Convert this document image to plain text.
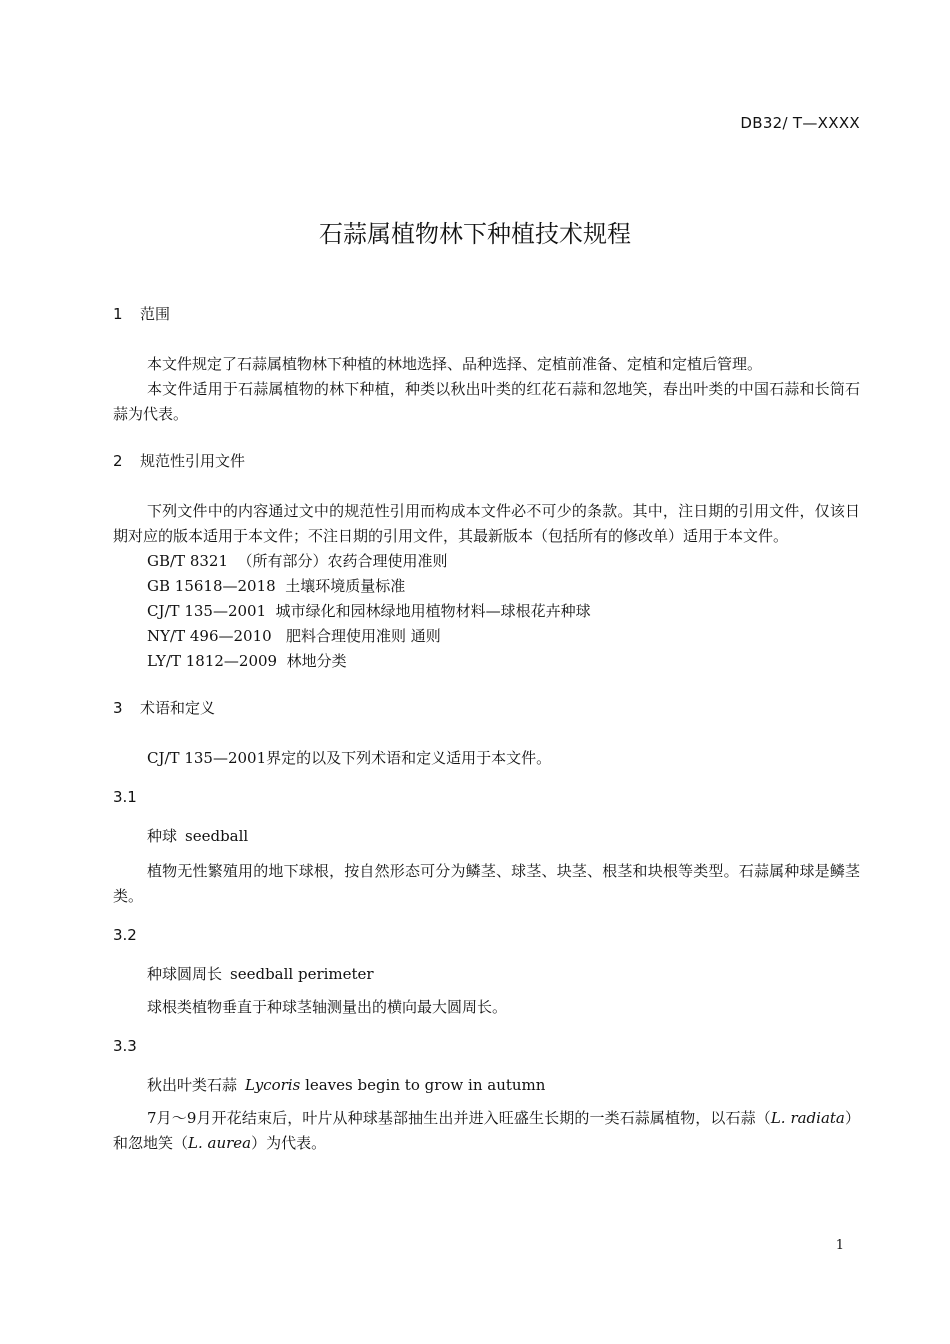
DB32/ T—XXXX
石蒜属植物林下种植技术规程

1 范围

本文件规定了石蒜属植物林下种植的林地选择、品种选择、定植前准备、定植和定植后管理。

本文件适用于石蒜属植物的林下种植，种类以秋出叶类的红花石蒜和忽地笑，春出叶类的中国石蒜和长筒石蒜为代表。

2 规范性引用文件

下列文件中的内容通过文中的规范性引用而构成本文件必不可少的条款。其中，注日期的引用文件，仅该日期对应的版本适用于本文件；不注日期的引用文件，其最新版本（包括所有的修改单）适用于本文件。

GB/T 8321  （所有部分）农药合理使用准则

GB 15618—2018  土壤环境质量标准

CJ/T 135—2001  城市绿化和园林绿地用植物材料—球根花卉种球

NY/T 496—2010   肥料合理使用准则 通则

LY/T 1812—2009  林地分类

3 术语和定义

CJ/T 135—2001界定的以及下列术语和定义适用于本文件。

3.1

种球 seedball

植物无性繁殖用的地下球根，按自然形态可分为鳞茎、球茎、块茎、根茎和块根等类型。石蒜属种球是鳞茎类。

3.2

种球圆周长 seedball perimeter

球根类植物垂直于种球茎轴测量出的横向最大圆周长。

3.3

秋出叶类石蒜 Lycoris leaves begin to grow in autumn

7月～9月开花结束后，叶片从种球基部抽生出并进入旺盛生长期的一类石蒜属植物，以石蒜（L. radiata）和忽地笑（L. aurea）为代表。

1
